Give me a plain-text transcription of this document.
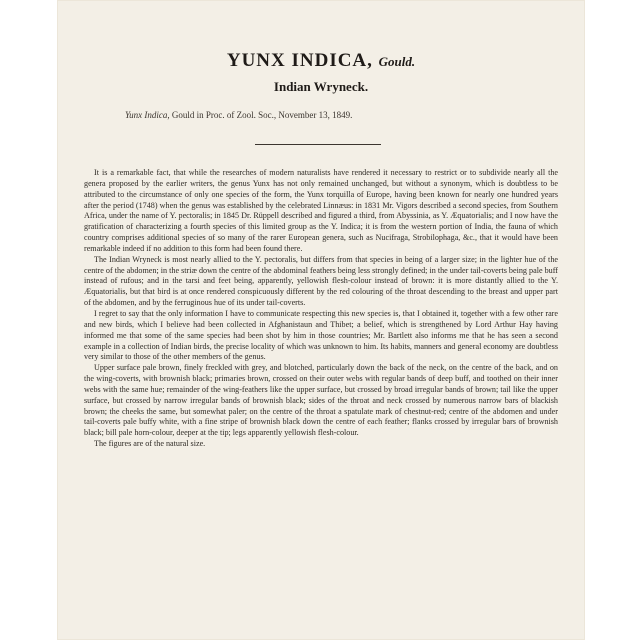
YUNX INDICA, Gould.
Indian Wryneck.
Yunx Indica, Gould in Proc. of Zool. Soc., November 13, 1849.

It is a remarkable fact, that while the researches of modern naturalists have rendered it necessary to restrict or to subdivide nearly all the genera proposed by the earlier writers, the genus Yunx has not only remained unchanged, but without a synonym, which is doubtless to be attributed to the circumstance of only one species of the form, the Yunx torquilla of Europe, having been known for nearly one hundred years after the period (1748) when the genus was established by the celebrated Linnæus: in 1831 Mr. Vigors described a second species, from Southern Africa, under the name of Y. pectoralis; in 1845 Dr. Rüppell described and figured a third, from Abyssinia, as Y. Æquatorialis; and I now have the gratification of characterizing a fourth species of this limited group as the Y. Indica; it is from the western portion of India, the fauna of which country comprises additional species of so many of the rarer European genera, such as Nucifraga, Strobilophaga, &c., that it would have been remarkable indeed if no addition to this form had been found there.

The Indian Wryneck is most nearly allied to the Y. pectoralis, but differs from that species in being of a larger size; in the lighter hue of the centre of the abdomen; in the striæ down the centre of the abdominal feathers being less strongly defined; in the under tail-coverts being pale buff instead of rufous; and in the tarsi and feet being, apparently, yellowish flesh-colour instead of brown: it is more distantly allied to the Y. Æquatorialis, but that bird is at once rendered conspicuously different by the red colouring of the throat descending to the breast and upper part of the abdomen, and by the ferruginous hue of its under tail-coverts.

I regret to say that the only information I have to communicate respecting this new species is, that I obtained it, together with a few other rare and new birds, which I believe had been collected in Afghanistaun and Thibet; a belief, which is strengthened by Lord Arthur Hay having informed me that some of the same species had been shot by him in those countries; Mr. Bartlett also informs me that he has seen a second example in a collection of Indian birds, the precise locality of which was unknown to him. Its habits, manners and general economy are doubtless very similar to those of the other members of the genus.

Upper surface pale brown, finely freckled with grey, and blotched, particularly down the back of the neck, on the centre of the back, and on the wing-coverts, with brownish black; primaries brown, crossed on their outer webs with regular bands of deep buff, and toothed on their inner webs with the same hue; remainder of the wing-feathers like the upper surface, but crossed by broad irregular bands of brown; tail like the upper surface, but crossed by narrow irregular bands of brownish black; sides of the throat and neck crossed by numerous narrow bars of blackish brown; the cheeks the same, but somewhat paler; on the centre of the throat a spatulate mark of chestnut-red; centre of the abdomen and under tail-coverts pale buffy white, with a fine stripe of brownish black down the centre of each feather; flanks crossed by irregular bars of brownish black; bill pale horn-colour, deeper at the tip; legs apparently yellowish flesh-colour.

The figures are of the natural size.
